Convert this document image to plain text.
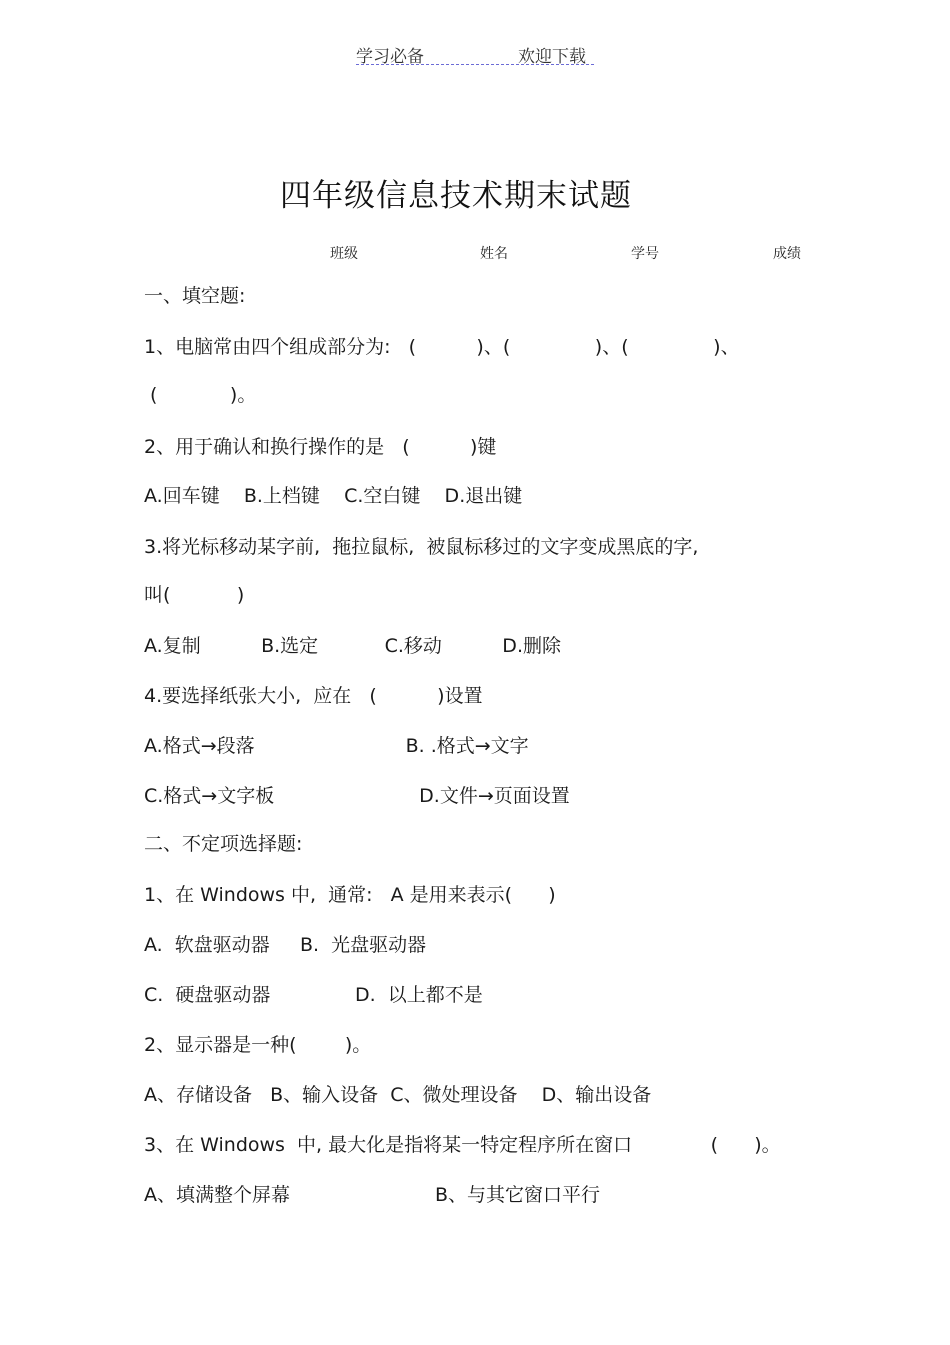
学习必备	欢迎下载
四年级信息技术期末试题
班级	姓名	学号	成绩
一、填空题:
1、电脑常由四个组成部分为:   (          )、(              )、(              )、
(            )。
2、用于确认和换行操作的是   (          )键
A.回车键    B.上档键    C.空白键    D.退出键
3.将光标移动某字前,  拖拉鼠标,  被鼠标移过的文字变成黑底的字,
叫(           )
A.复制          B.选定           C.移动          D.删除
4.要选择纸张大小,  应在   (          )设置
A.格式→段落                         B. .格式→文字
C.格式→文字板                        D.文件→页面设置
二、不定项选择题:
1、在 Windows 中,  通常:   A 是用来表示(      )
A.  软盘驱动器     B.  光盘驱动器
C.  硬盘驱动器              D.  以上都不是
2、显示器是一种(        )。
A、存储设备   B、输入设备  C、微处理设备    D、输出设备
3、在 Windows  中, 最大化是指将某一特定程序所在窗口             (      )。
A、填满整个屏幕                        B、与其它窗口平行
